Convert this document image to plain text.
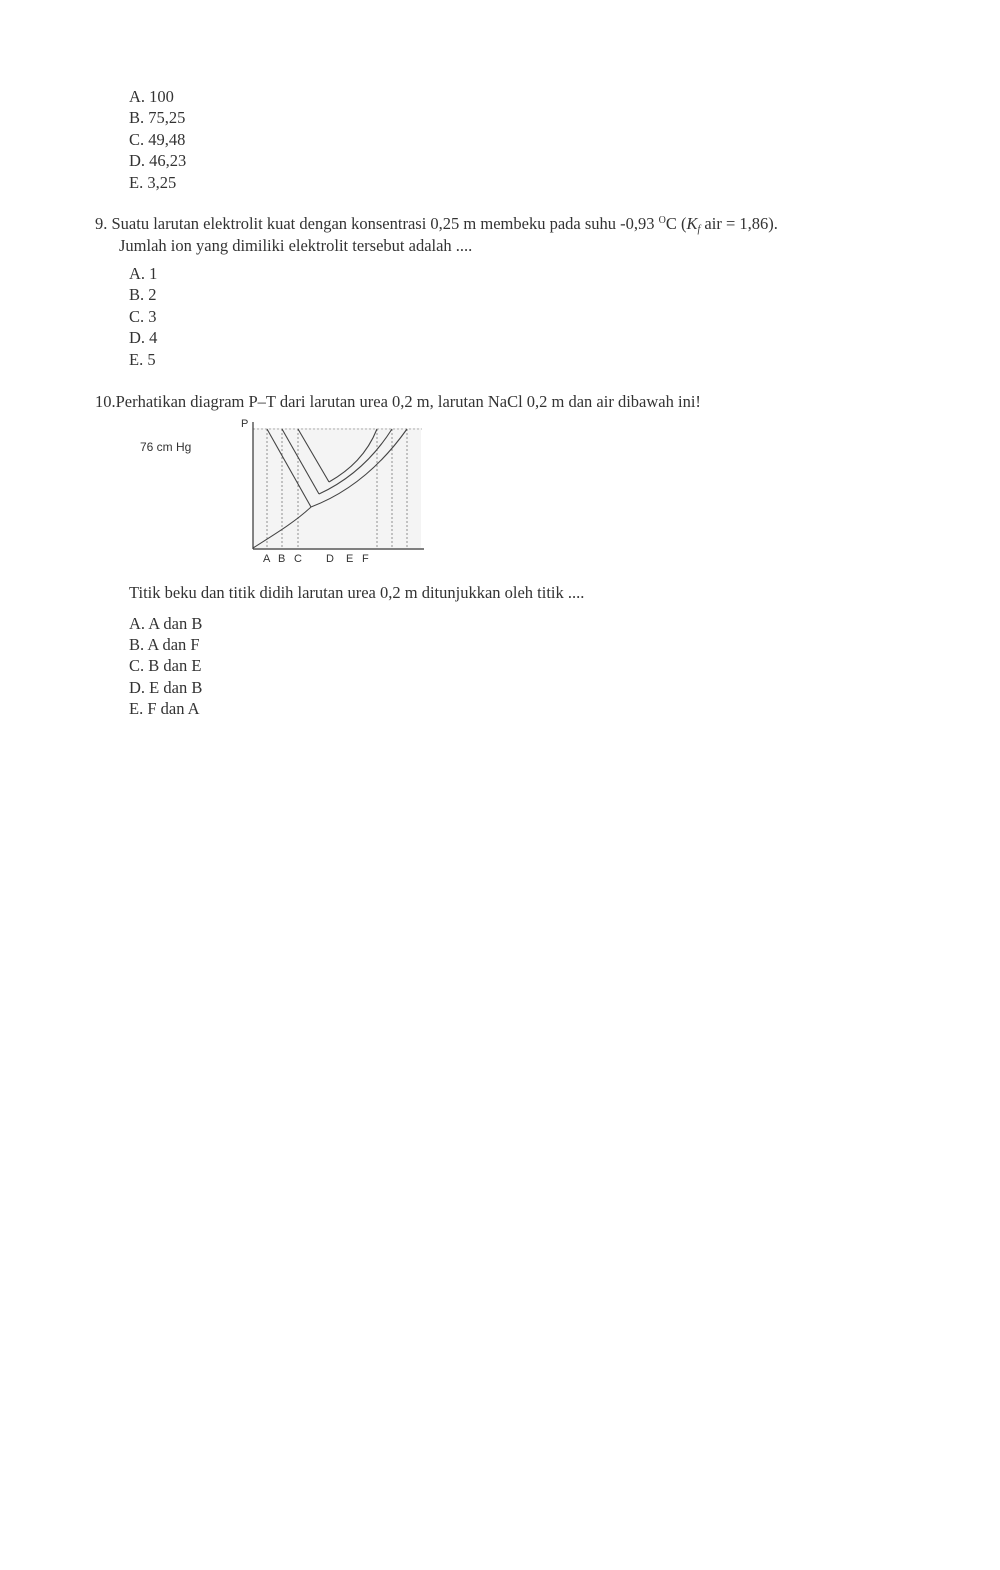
A. 100
B. 75,25
C. 49,48
D. 46,23
E. 3,25
9. Suatu larutan elektrolit kuat dengan konsentrasi 0,25 m membeku pada suhu -0,93 $^O$C ($K_f$ air = 1,86).
Jumlah ion yang dimiliki elektrolit tersebut adalah ....
A. 1
B. 2
C. 3
D. 4
E. 5
10.Perhatikan diagram P–T dari larutan urea 0,2 m, larutan NaCl 0,2 m dan air dibawah ini!
P
76 cm Hg
A B C D E F
Titik beku dan titik didih larutan urea 0,2 m ditunjukkan oleh titik ....
A. A dan B
B. A dan F
C. B dan E
D. E dan B
E. F dan A
